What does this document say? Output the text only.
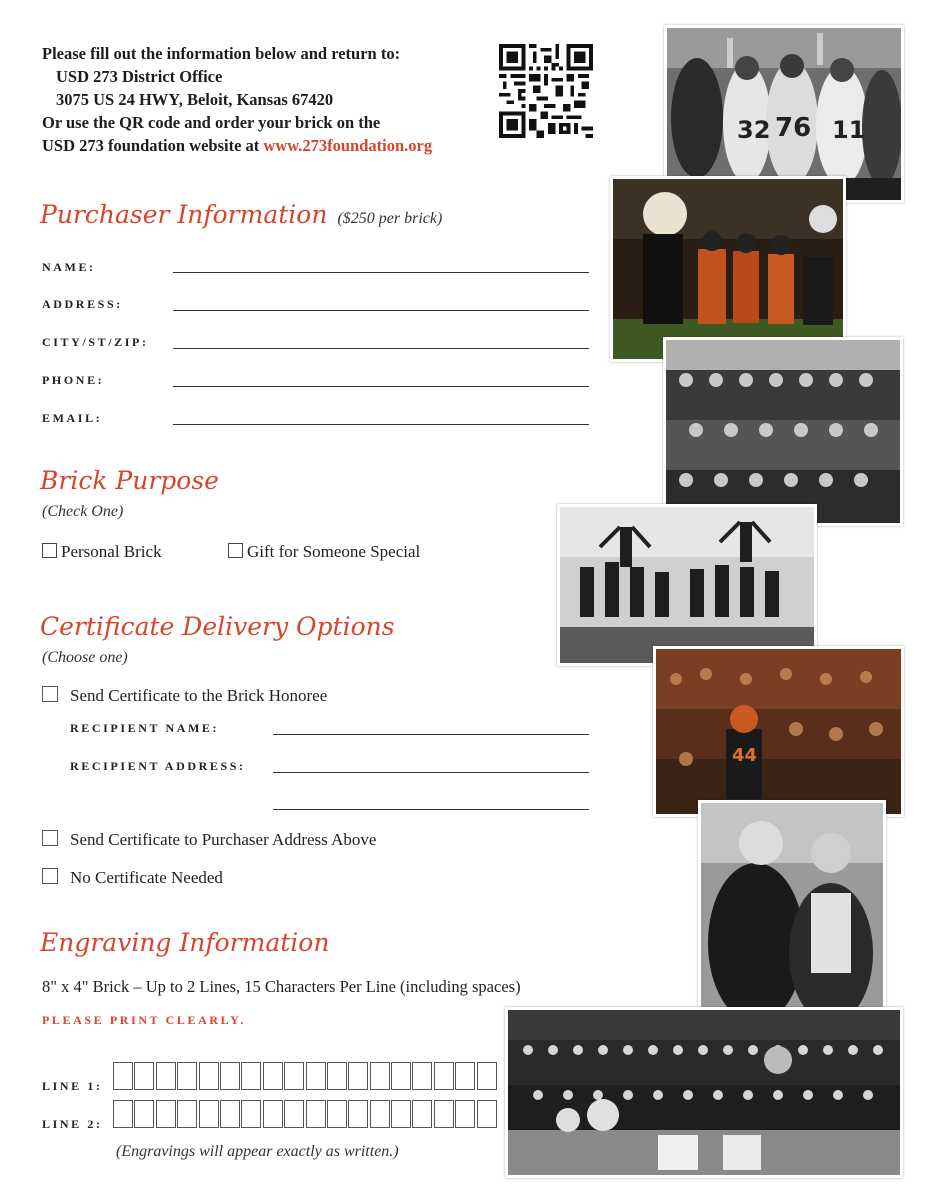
Please fill out the information below and return to:
USD 273 District Office
3075 US 24 HWY, Beloit, Kansas 67420
Or use the QR code and order your brick on the
USD 273 foundation website at www.273foundation.org
Purchaser Information ($250 per brick)
NAME:
ADDRESS:
CITY/ST/ZIP:
PHONE:
EMAIL:
Brick Purpose
(Check One)
Personal Brick	Gift for Someone Special
Certificate Delivery Options
(Choose one)
Send Certificate to the Brick Honoree
RECIPIENT NAME:
RECIPIENT ADDRESS:
Send Certificate to Purchaser Address Above
No Certificate Needed
Engraving Information
8" x 4" Brick – Up to 2 Lines, 15 Characters Per Line (including spaces)
PLEASE PRINT CLEARLY.
LINE 1:
LINE 2:
(Engravings will appear exactly as written.)
32 76 11
44
